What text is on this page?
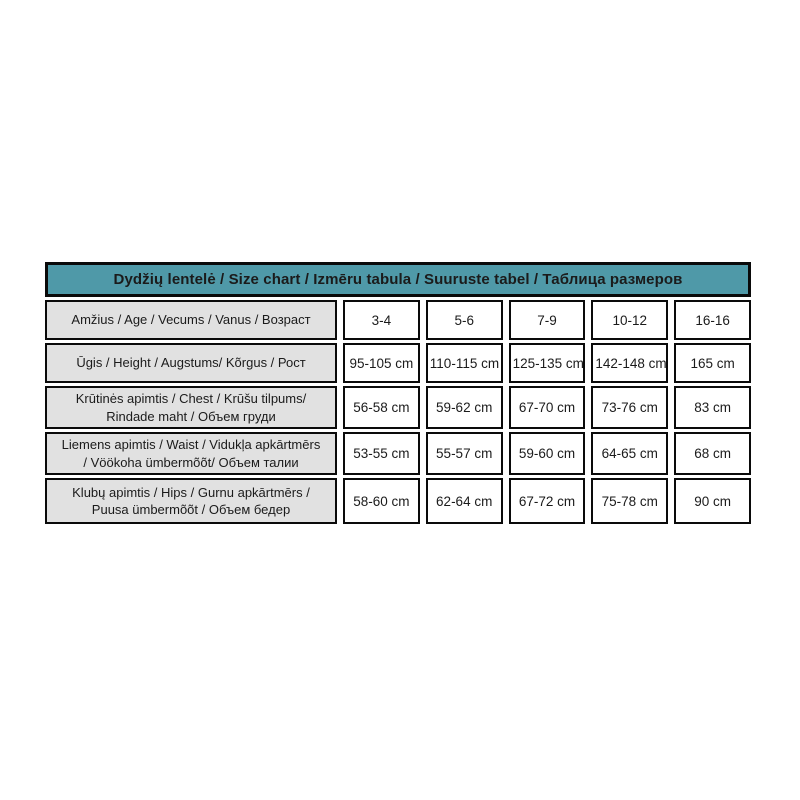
Dydžių lentelė / Size chart / Izmēru tabula / Suuruste tabel / Таблица размеров					
Amžius / Age / Vecums / Vanus / Возраст	3-4	5-6	7-9	10-12	16-16
Ūgis / Height / Augstums/ Kõrgus / Рост	95-105 cm	110-115 cm	125-135 cm	142-148 cm	165 cm
Krūtinės apimtis / Chest / Krūšu tilpums/ Rindade maht / Объем груди	56-58 cm	59-62 cm	67-70 cm	73-76 cm	83 cm
Liemens apimtis / Waist / Vidukļa apkārtmērs / Vöökoha ümbermõõt/ Объем талии	53-55 cm	55-57 cm	59-60 cm	64-65 cm	68 cm
Klubų apimtis / Hips / Gurnu apkārtmērs / Puusa ümbermõõt / Объем бедер	58-60 cm	62-64 cm	67-72 cm	75-78 cm	90 cm
